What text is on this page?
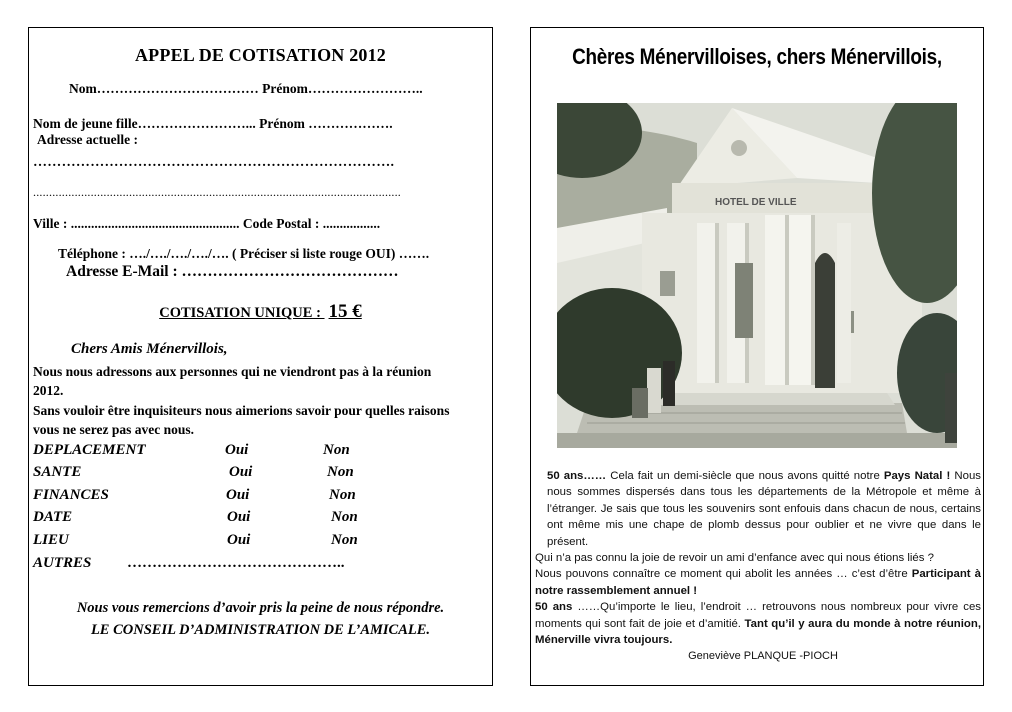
APPEL DE COTISATION 2012
Nom……………………………… Prénom……………………..
Nom de jeune fille……………………... Prénom ……………….
Adresse actuelle :
………………………………………………………………….
...................................................................................................................
Ville : .................................................. Code Postal : .................
Téléphone : …./…./…./…./…. ( Préciser si liste rouge OUI) …….
Adresse E-Mail : ……………………………………
COTISATION UNIQUE : 15 €
Chers Amis Ménervillois,
Nous nous adressons aux personnes qui ne viendront pas à la réunion
2012.
Sans vouloir être inquisiteurs nous aimerions savoir pour quelles raisons
vous ne serez pas avec nous.
DEPLACEMENT	Oui	Non
SANTE	Oui	Non
FINANCES	Oui	Non
DATE	Oui	Non
LIEU	Oui	Non
AUTRES ……………………………………..
Nous vous remercions d’avoir pris la peine de nous répondre.
LE CONSEIL D’ADMINISTRATION DE L’AMICALE.
Chères Ménervilloises, chers Ménervillois,
HOTEL DE VILLE

50 ans…… Cela fait un demi-siècle que nous avons quitté notre Pays Natal ! Nous nous sommes dispersés dans tous les départements de la Métropole et même à l’étranger. Je sais que tous les souvenirs sont enfouis dans chacun de nous, certains ont même mis une chape de plomb dessus pour oublier et ne vivre que dans le présent.

Qui n’a pas connu la joie de revoir un ami d’enfance avec qui nous étions liés ?

Nous pouvons connaître ce moment qui abolit les années … c’est d’être Participant à notre rassemblement annuel !

50 ans ……Qu’importe le lieu, l’endroit … retrouvons nous nombreux pour vivre ces moments qui sont fait de joie et d’amitié. Tant qu’il y aura du monde à notre réunion, Ménerville vivra toujours.

Geneviève PLANQUE -PIOCH
